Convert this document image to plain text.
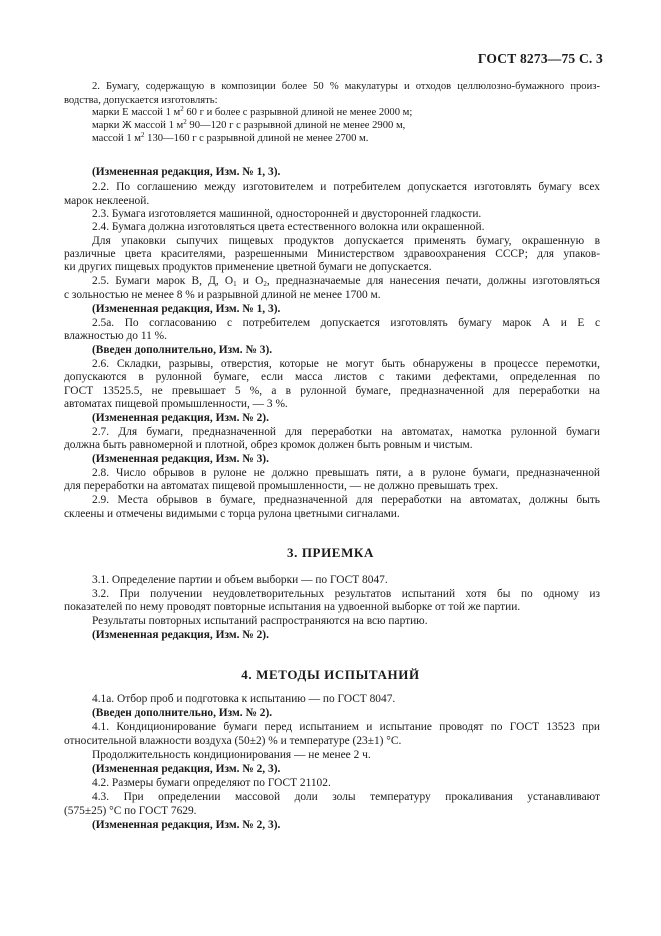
ГОСТ 8273—75 С. 3
2. Бумагу, содержащую в композиции более 50 % макулатуры и отходов целлюлозно-бумажного произ-
водства, допускается изготовлять:
марки Е массой 1 $м^2$ 60 г и более с разрывной длиной не менее 2000 м;
марки Ж массой 1 $м^2$ 90—120 г с разрывной длиной не менее 2900 м,
массой 1 $м^2$ 130—160 г с разрывной длиной не менее 2700 м.
(Измененная редакция, Изм. № 1, 3).
2.2. По соглашению между изготовителем и потребителем допускается изготовлять бумагу всех
марок неклееной.
2.3. Бумага изготовляется машинной, односторонней и двусторонней гладкости.
2.4. Бумага должна изготовляться цвета естественного волокна или окрашенной.
Для упаковки сыпучих пищевых продуктов допускается применять бумагу, окрашенную в
различные цвета красителями, разрешенными Министерством здравоохранения СССР; для упаков-
ки других пищевых продуктов применение цветной бумаги не допускается.
2.5. Бумаги марок В, Д, $О_1$ и $О_2$, предназначаемые для нанесения печати, должны изготовляться
с зольностью не менее 8 % и разрывной длиной не менее 1700 м.
(Измененная редакция, Изм. № 1, 3).
2.5а. По согласованию с потребителем допускается изготовлять бумагу марок А и Е с
влажностью до 11 %.
(Введен дополнительно, Изм. № 3).
2.6. Складки, разрывы, отверстия, которые не могут быть обнаружены в процессе перемотки,
допускаются в рулонной бумаге, если масса листов с такими дефектами, определенная по
ГОСТ 13525.5, не превышает 5 %, а в рулонной бумаге, предназначенной для переработки на
автоматах пищевой промышленности, — 3 %.
(Измененная редакция, Изм. № 2).
2.7. Для бумаги, предназначенной для переработки на автоматах, намотка рулонной бумаги
должна быть равномерной и плотной, обрез кромок должен быть ровным и чистым.
(Измененная редакция, Изм. № 3).
2.8. Число обрывов в рулоне не должно превышать пяти, а в рулоне бумаги, предназначенной
для переработки на автоматах пищевой промышленности, — не должно превышать трех.
2.9. Места обрывов в бумаге, предназначенной для переработки на автоматах, должны быть
склеены и отмечены видимыми с торца рулона цветными сигналами.
3. ПРИЕМКА
3.1. Определение партии и объем выборки — по ГОСТ 8047.
3.2. При получении неудовлетворительных результатов испытаний хотя бы по одному из
показателей по нему проводят повторные испытания на удвоенной выборке от той же партии.
Результаты повторных испытаний распространяются на всю партию.
(Измененная редакция, Изм. № 2).
4. МЕТОДЫ ИСПЫТАНИЙ
4.1а. Отбор проб и подготовка к испытанию — по ГОСТ 8047.
(Введен дополнительно, Изм. № 2).
4.1. Кондиционирование бумаги перед испытанием и испытание проводят по ГОСТ 13523 при
относительной влажности воздуха (50±2) % и температуре (23±1) °С.
Продолжительность кондиционирования — не менее 2 ч.
(Измененная редакция, Изм. № 2, 3).
4.2. Размеры бумаги определяют по ГОСТ 21102.
4.3. При определении массовой доли золы температуру прокаливания устанавливают
(575±25) °С по ГОСТ 7629.
(Измененная редакция, Изм. № 2, 3).
